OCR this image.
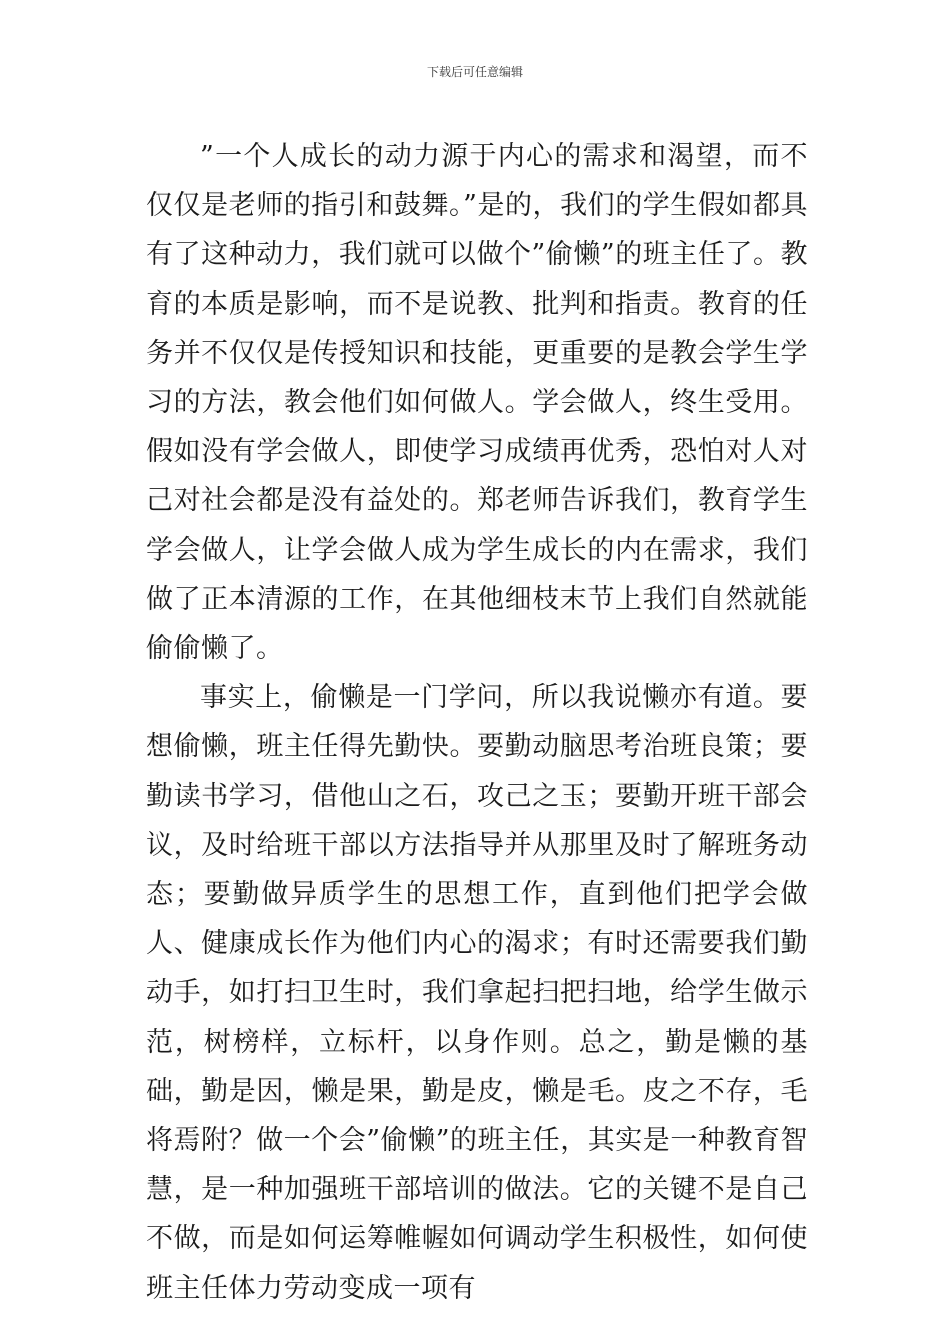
下载后可任意编辑

”一个人成长的动力源于内心的需求和渴望，而不仅仅是老师的指引和鼓舞。”是的，我们的学生假如都具有了这种动力，我们就可以做个”偷懒”的班主任了。教育的本质是影响，而不是说教、批判和指责。教育的任务并不仅仅是传授知识和技能，更重要的是教会学生学习的方法，教会他们如何做人。学会做人，终生受用。假如没有学会做人，即使学习成绩再优秀，恐怕对人对己对社会都是没有益处的。郑老师告诉我们，教育学生学会做人，让学会做人成为学生成长的内在需求，我们做了正本清源的工作，在其他细枝末节上我们自然就能偷偷懒了。

事实上，偷懒是一门学问，所以我说懒亦有道。要想偷懒，班主任得先勤快。要勤动脑思考治班良策；要勤读书学习，借他山之石，攻己之玉；要勤开班干部会议，及时给班干部以方法指导并从那里及时了解班务动态；要勤做异质学生的思想工作，直到他们把学会做人、健康成长作为他们内心的渴求；有时还需要我们勤动手，如打扫卫生时，我们拿起扫把扫地，给学生做示范，树榜样，立标杆，以身作则。总之，勤是懒的基础，勤是因，懒是果，勤是皮，懒是毛。皮之不存，毛将焉附？做一个会”偷懒”的班主任，其实是一种教育智慧，是一种加强班干部培训的做法。它的关键不是自己不做，而是如何运筹帷幄如何调动学生积极性，如何使班主任体力劳动变成一项有
